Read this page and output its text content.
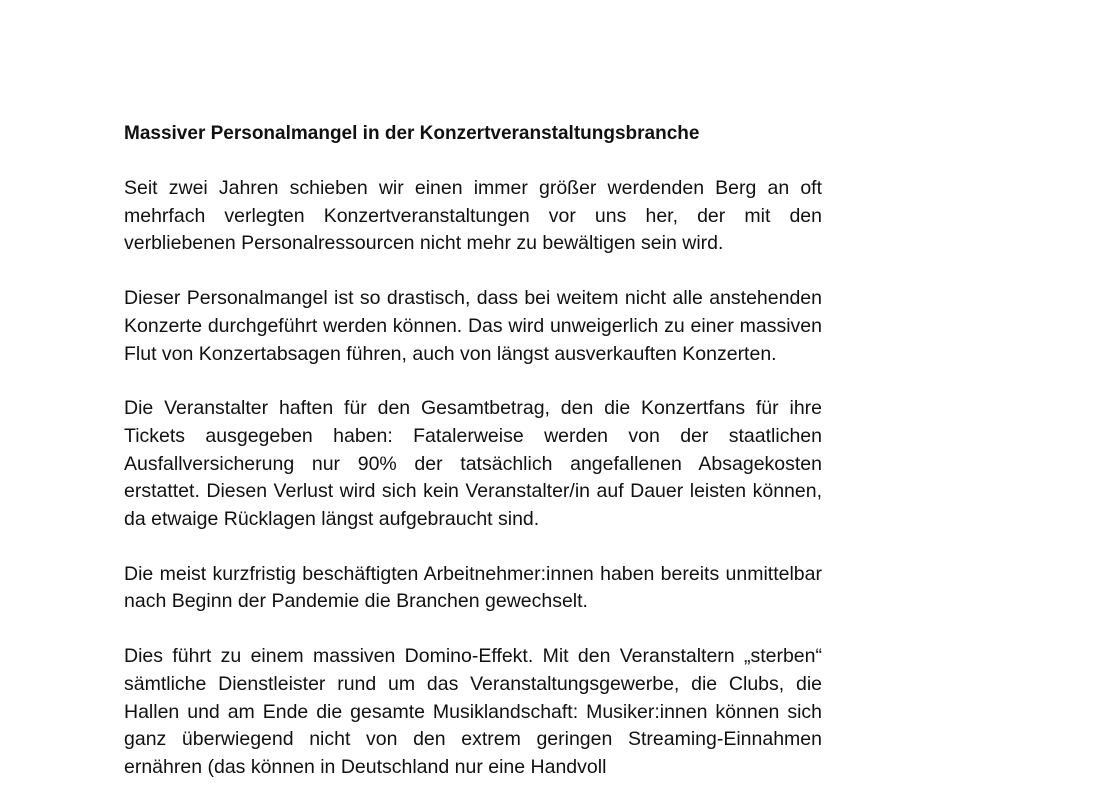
Massiver Personalmangel in der Konzertveranstaltungsbranche

Seit zwei Jahren schieben wir einen immer größer werdenden Berg an oft mehrfach verlegten Konzertveranstaltungen vor uns her, der mit den verbliebenen Personalressourcen nicht mehr zu bewältigen sein wird.

Dieser Personalmangel ist so drastisch, dass bei weitem nicht alle anstehenden Konzerte durchgeführt werden können. Das wird unweigerlich zu einer massiven Flut von Konzertabsagen führen, auch von längst ausverkauften Konzerten.

Die Veranstalter haften für den Gesamtbetrag, den die Konzertfans für ihre Tickets ausgegeben haben: Fatalerweise werden von der staatlichen Ausfallversicherung nur 90% der tatsächlich angefallenen Absagekosten erstattet. Diesen Verlust wird sich kein Veranstalter/in auf Dauer leisten können, da etwaige Rücklagen längst aufgebraucht sind.

Die meist kurzfristig beschäftigten Arbeitnehmer:innen haben bereits unmittelbar nach Beginn der Pandemie die Branchen gewechselt.

Dies führt zu einem massiven Domino-Effekt. Mit den Veranstaltern „sterben“ sämtliche Dienstleister rund um das Veranstaltungsgewerbe, die Clubs, die Hallen und am Ende die gesamte Musiklandschaft: Musiker:innen können sich ganz überwiegend nicht von den extrem geringen Streaming-Einnahmen ernähren (das können in Deutschland nur eine Handvoll
